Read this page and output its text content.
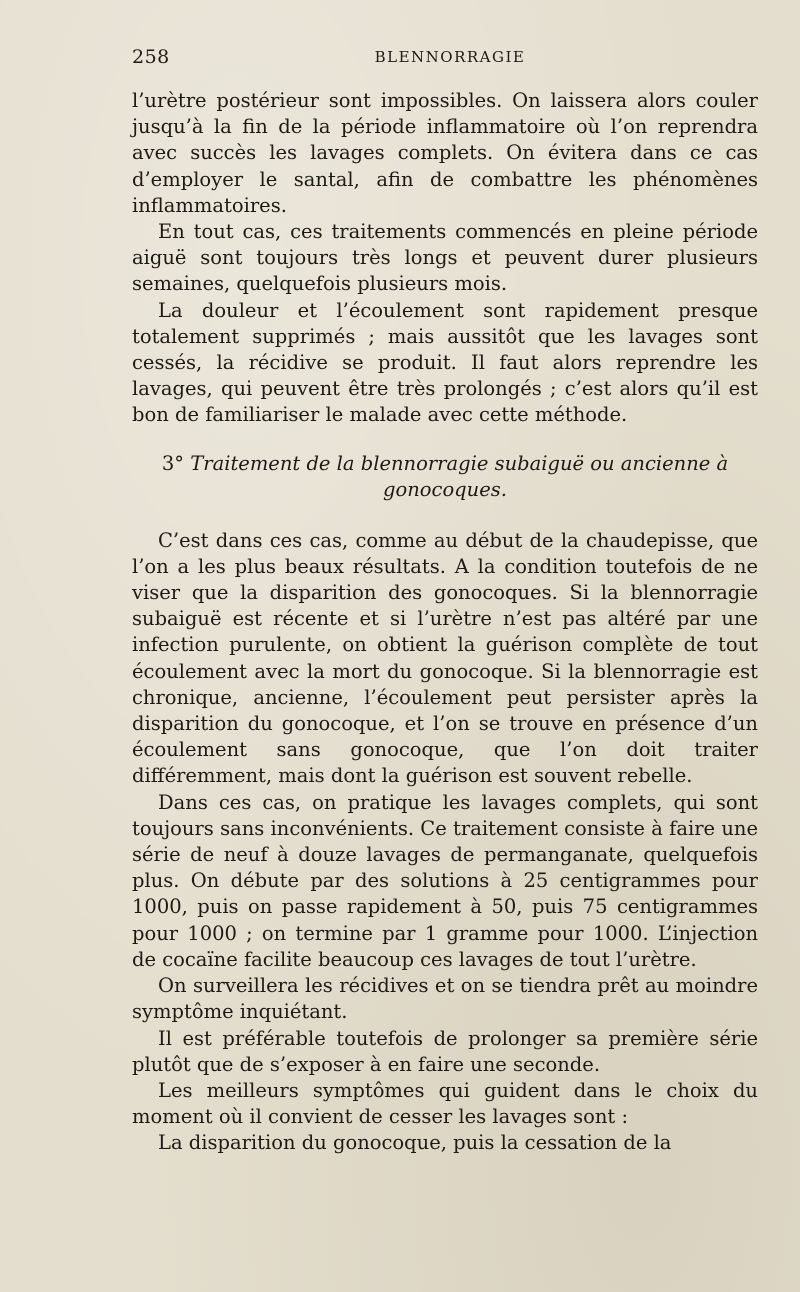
258	BLENNORRAGIE

l’urètre postérieur sont impossibles. On laissera alors couler jusqu’à la fin de la période inflammatoire où l’on reprendra avec succès les lavages complets. On évitera dans ce cas d’employer le santal, afin de combattre les phénomènes inflammatoires.

En tout cas, ces traitements commencés en pleine période aiguë sont toujours très longs et peuvent durer plusieurs semaines, quelquefois plusieurs mois.

La douleur et l’écoulement sont rapidement presque totalement supprimés ; mais aussitôt que les lavages sont cessés, la récidive se produit. Il faut alors reprendre les lavages, qui peuvent être très prolongés ; c’est alors qu’il est bon de familiariser le malade avec cette méthode.

3° Traitement de la blennorragie subaiguë ou ancienne à gonocoques.

C’est dans ces cas, comme au début de la chaudepisse, que l’on a les plus beaux résultats. A la condition toutefois de ne viser que la disparition des gonocoques. Si la blennorragie subaiguë est récente et si l’urètre n’est pas altéré par une infection purulente, on obtient la guérison complète de tout écoulement avec la mort du gonocoque. Si la blennorragie est chronique, ancienne, l’écoulement peut persister après la disparition du gonocoque, et l’on se trouve en présence d’un écoulement sans gonocoque, que l’on doit traiter différemment, mais dont la guérison est souvent rebelle.

Dans ces cas, on pratique les lavages complets, qui sont toujours sans inconvénients. Ce traitement consiste à faire une série de neuf à douze lavages de permanganate, quelquefois plus. On débute par des solutions à 25 centigrammes pour 1000, puis on passe rapidement à 50, puis 75 centigrammes pour 1000 ; on termine par 1 gramme pour 1000. L’injection de cocaïne facilite beaucoup ces lavages de tout l’urètre.

On surveillera les récidives et on se tiendra prêt au moindre symptôme inquiétant.

Il est préférable toutefois de prolonger sa première série plutôt que de s’exposer à en faire une seconde.

Les meilleurs symptômes qui guident dans le choix du moment où il convient de cesser les lavages sont :

La disparition du gonocoque, puis la cessation de la
